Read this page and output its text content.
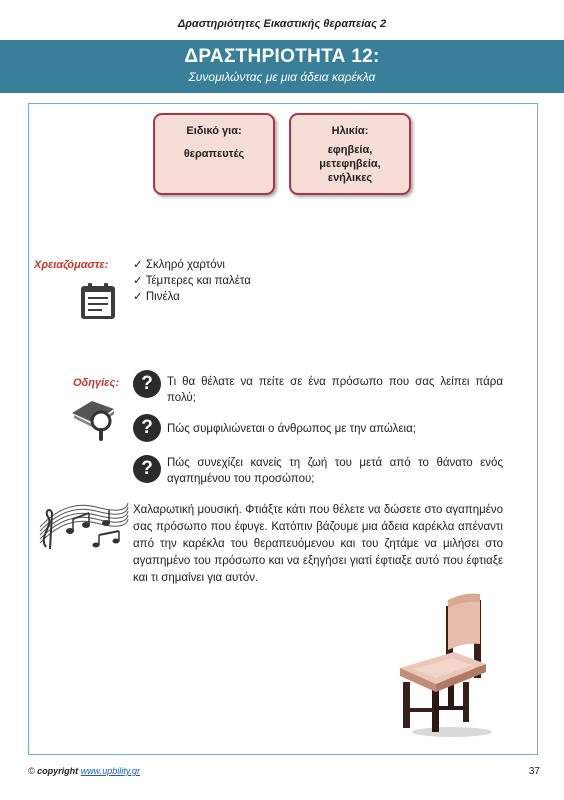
Δραστηριότητες Εικαστικής θεραπείας 2
ΔΡΑΣΤΗΡΙΟΤΗΤΑ 12:
Συνομιλώντας με μια άδεια καρέκλα
Ειδικό για:
θεραπευτές
Ηλικία:
εφηβεία, μετεφηβεία, ενήλικες
Χρειαζόμαστε:
✓	Σκληρό χαρτόνι
✓ Τέμπερες και παλέτα
✓ Πινέλα
Οδηγίες:	?	Τι θα θέλατε να πείτε σε ένα πρόσωπο που σας λείπει πάρα πολύ;
?	Πώς συμφιλιώνεται ο άνθρωπος με την απώλεια;
?	Πώς συνεχίζει κανείς τη ζωή του μετά από το θάνατο ενός αγαπημένου του προσώπου;
Χαλαρωτική μουσική. Φτιάξτε κάτι που θέλετε να δώσετε στο αγαπημένο σας πρόσωπο που έφυγε. Κατόπιν βάζουμε μια άδεια καρέκλα απέναντι από την καρέκλα του θεραπευόμενου και του ζητάμε να μιλήσει στο αγαπημένο του πρόσωπο και να εξηγήσει γιατί έφτιαξε αυτό που έφτιαξε και τι σημαίνει για αυτόν.
© copyright www.upbility.gr	37
